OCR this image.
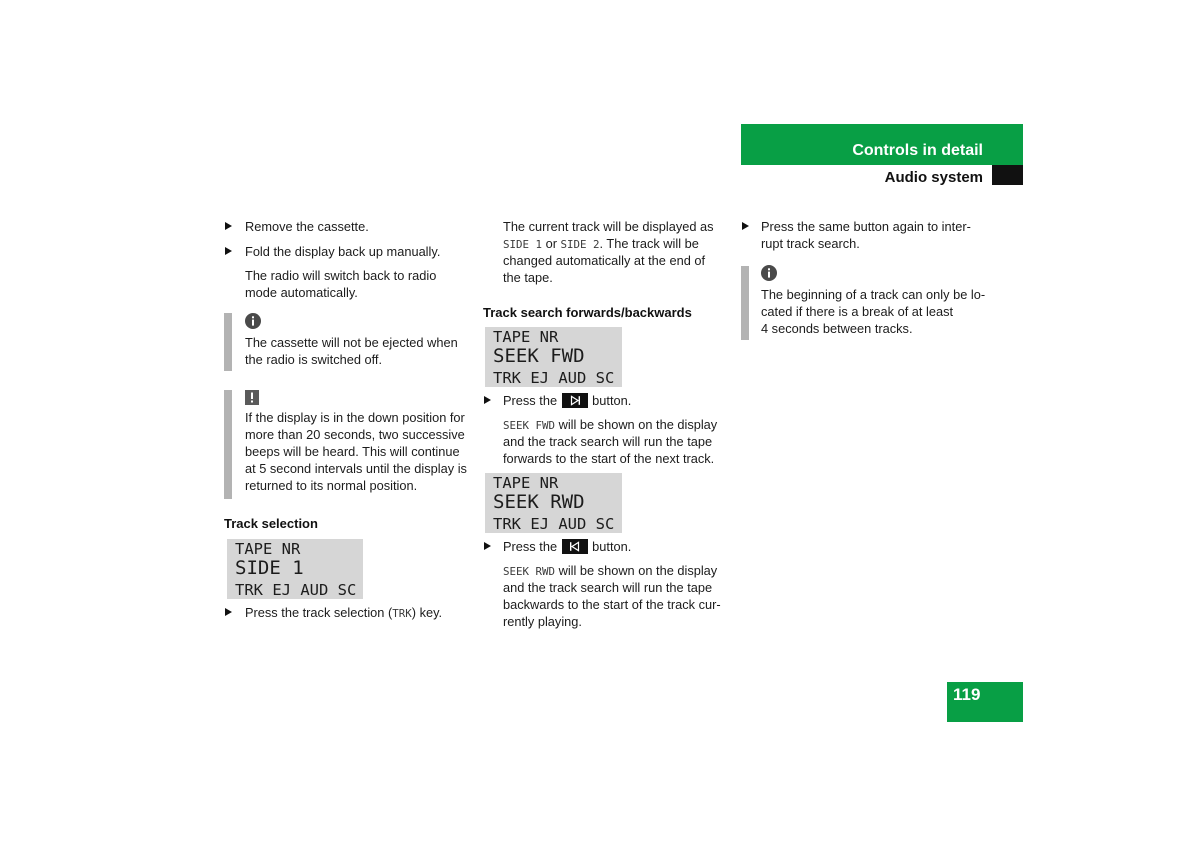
Controls in detail
Audio system
Remove the cassette.
Fold the display back up manually.
The radio will switch back to radio
mode automatically.
The cassette will not be ejected when
the radio is switched off.
If the display is in the down position for
more than 20 seconds, two successive
beeps will be heard. This will continue
at 5 second intervals until the display is
returned to its normal position.
Track selection
TAPE NR
SIDE 1
TRK EJ AUD SC
Press the track selection (TRK) key.
The current track will be displayed as
SIDE 1 or SIDE 2. The track will be
changed automatically at the end of
the tape.
Track search forwards/backwards
TAPE NR
SEEK FWD
TRK EJ AUD SC
Press the  button.
SEEK FWD will be shown on the display
and the track search will run the tape
forwards to the start of the next track.
TAPE NR
SEEK RWD
TRK EJ AUD SC
Press the  button.
SEEK RWD will be shown on the display
and the track search will run the tape
backwards to the start of the track cur-
rently playing.
Press the same button again to inter-
rupt track search.
The beginning of a track can only be lo-
cated if there is a break of at least
4 seconds between tracks.
119
